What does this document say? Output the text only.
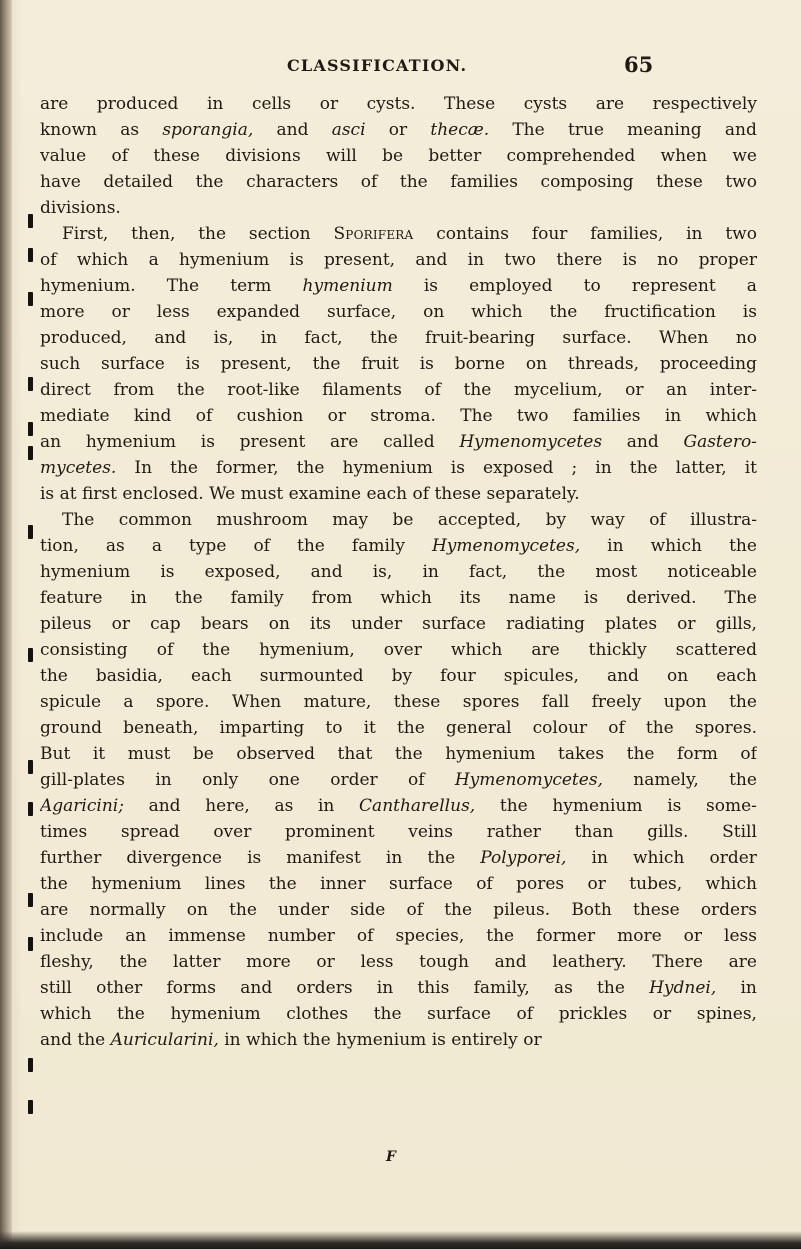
CLASSIFICATION.	65
are produced in cells or cysts. These cysts are respectively
known as sporangia, and asci or thecæ. The true meaning and
value of these divisions will be better comprehended when we
have detailed the characters of the families composing these two
divisions.
First, then, the section Sporifera contains four families, in two
of which a hymenium is present, and in two there is no proper
hymenium. The term hymenium is employed to represent a
more or less expanded surface, on which the fructification is
produced, and is, in fact, the fruit-bearing surface. When no
such surface is present, the fruit is borne on threads, proceeding
direct from the root-like filaments of the mycelium, or an inter-
mediate kind of cushion or stroma. The two families in which
an hymenium is present are called Hymenomycetes and Gastero-
mycetes. In the former, the hymenium is exposed ; in the latter, it
is at first enclosed. We must examine each of these separately.
The common mushroom may be accepted, by way of illustra-
tion, as a type of the family Hymenomycetes, in which the
hymenium is exposed, and is, in fact, the most noticeable
feature in the family from which its name is derived. The
pileus or cap bears on its under surface radiating plates or gills,
consisting of the hymenium, over which are thickly scattered
the basidia, each surmounted by four spicules, and on each
spicule a spore. When mature, these spores fall freely upon the
ground beneath, imparting to it the general colour of the spores.
But it must be observed that the hymenium takes the form of
gill-plates in only one order of Hymenomycetes, namely, the
Agaricini; and here, as in Cantharellus, the hymenium is some-
times spread over prominent veins rather than gills. Still
further divergence is manifest in the Polyporei, in which order
the hymenium lines the inner surface of pores or tubes, which
are normally on the under side of the pileus. Both these orders
include an immense number of species, the former more or less
fleshy, the latter more or less tough and leathery. There are
still other forms and orders in this family, as the Hydnei, in
which the hymenium clothes the surface of prickles or spines,
and the Auricularini, in which the hymenium is entirely or
F
